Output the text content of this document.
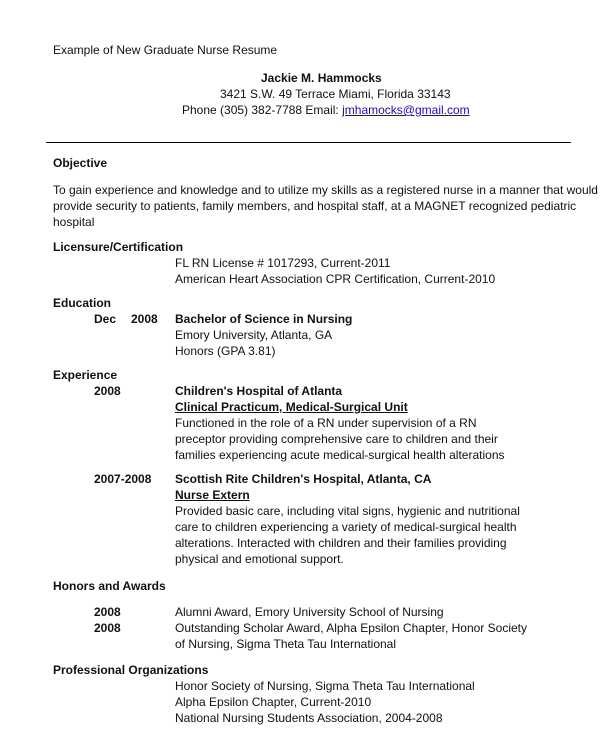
Example of New Graduate Nurse Resume
Jackie M. Hammocks
3421 S.W. 49 Terrace Miami, Florida 33143
Phone (305) 382-7788 Email: jmhamocks@gmail.com
Objective
To gain experience and knowledge and to utilize my skills as a registered nurse in a manner that would
provide security to patients, family members, and hospital staff, at a MAGNET recognized pediatric
hospital
Licensure/Certification
FL RN License # 1017293, Current-2011
American Heart Association CPR Certification, Current-2010
Education
Dec 2008 Bachelor of Science in Nursing
Emory University, Atlanta, GA
Honors (GPA 3.81)
Experience
2008	Children's Hospital of Atlanta
Clinical Practicum, Medical-Surgical Unit
Functioned in the role of a RN under supervision of a RN
preceptor providing comprehensive care to children and their
families experiencing acute medical-surgical health alterations
2007-2008 Scottish Rite Children's Hospital, Atlanta, CA
Nurse Extern
Provided basic care, including vital signs, hygienic and nutritional
care to children experiencing a variety of medical-surgical health
alterations. Interacted with children and their families providing
physical and emotional support.
Honors and Awards
2008	Alumni Award, Emory University School of Nursing
2008	Outstanding Scholar Award, Alpha Epsilon Chapter, Honor Society
of Nursing, Sigma Theta Tau International
Professional Organizations
Honor Society of Nursing, Sigma Theta Tau International
Alpha Epsilon Chapter, Current-2010
National Nursing Students Association, 2004-2008
